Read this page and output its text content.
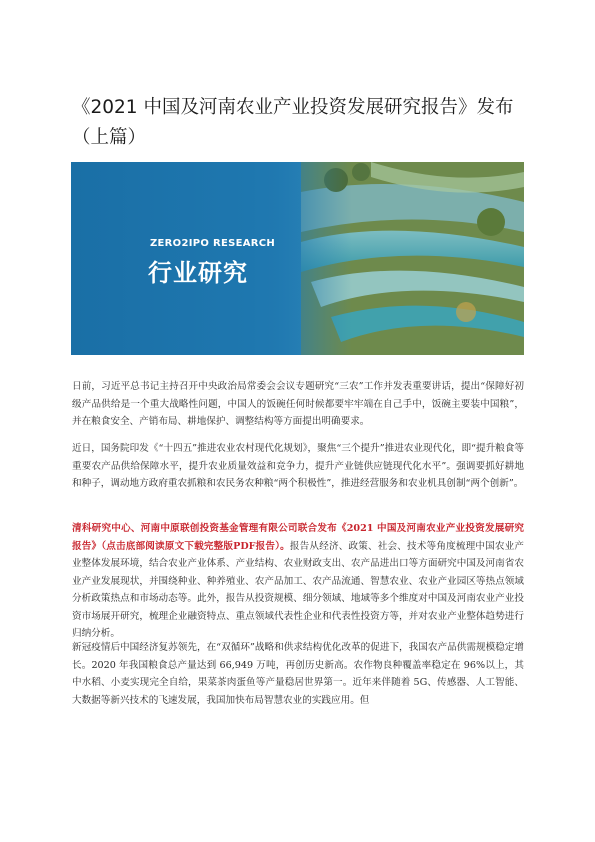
《2021 中国及河南农业产业投资发展研究报告》发布（上篇）
ZERO2IPO RESEARCH
行业研究

日前，习近平总书记主持召开中央政治局常委会会议专题研究“三农”工作并发表重要讲话，提出“保障好初级产品供给是一个重大战略性问题，中国人的饭碗任何时候都要牢牢端在自己手中，饭碗主要装中国粮”，并在粮食安全、产销布局、耕地保护、调整结构等方面提出明确要求。

近日，国务院印发《“十四五”推进农业农村现代化规划》，聚焦“三个提升”推进农业现代化，即“提升粮食等重要农产品供给保障水平，提升农业质量效益和竞争力，提升产业链供应链现代化水平”。强调要抓好耕地和种子，调动地方政府重农抓粮和农民务农种粮“两个积极性”，推进经营服务和农业机具创制“两个创新”。

清科研究中心、河南中原联创投资基金管理有限公司联合发布《2021 中国及河南农业产业投资发展研究报告》（点击底部阅读原文下载完整版PDF报告）。报告从经济、政策、社会、技术等角度梳理中国农业产业整体发展环境，结合农业产业体系、产业结构、农业财政支出、农产品进出口等方面研究中国及河南省农业产业发展现状，并围绕种业、种养殖业、农产品加工、农产品流通、智慧农业、农业产业园区等热点领域分析政策热点和市场动态等。此外，报告从投资规模、细分领域、地域等多个维度对中国及河南农业产业投资市场展开研究，梳理企业融资特点、重点领域代表性企业和代表性投资方等，并对农业产业整体趋势进行归纳分析。

新冠疫情后中国经济复苏领先，在“双循环”战略和供求结构优化改革的促进下，我国农产品供需规模稳定增长。2020 年我国粮食总产量达到 66,949 万吨，再创历史新高。农作物良种覆盖率稳定在 96%以上，其中水稻、小麦实现完全自给，果菜茶肉蛋鱼等产量稳居世界第一。近年来伴随着 5G、传感器、人工智能、大数据等新兴技术的飞速发展，我国加快布局智慧农业的实践应用。但
